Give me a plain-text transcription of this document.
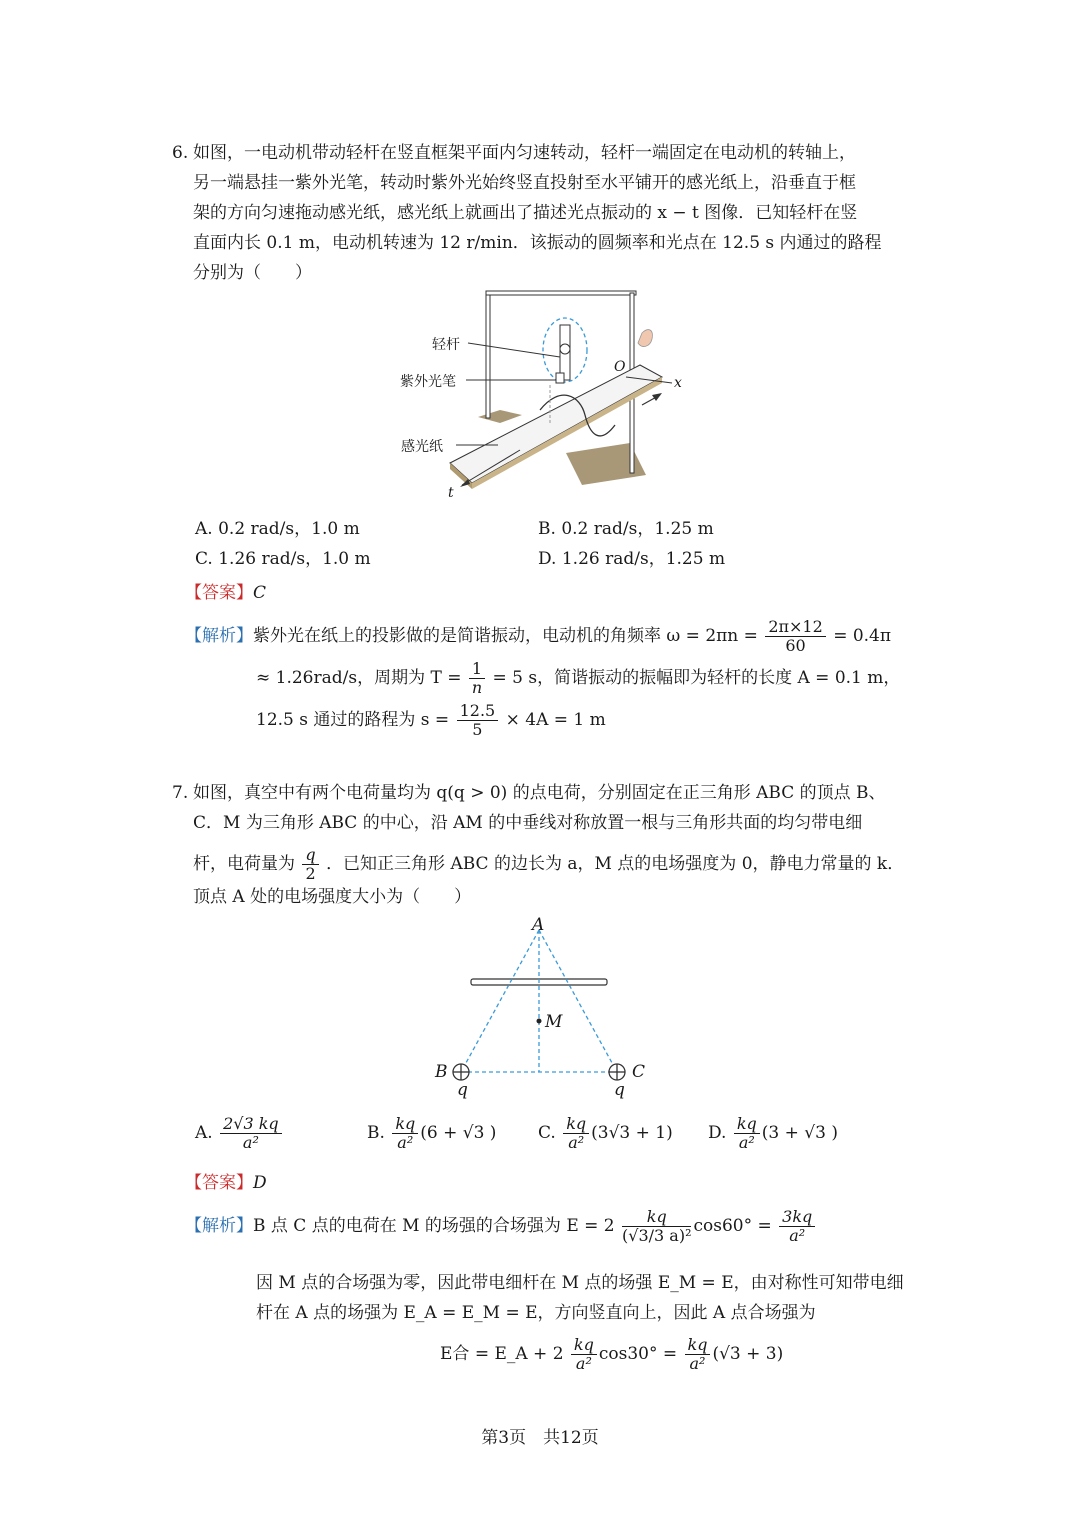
6. 如图，一电动机带动轻杆在竖直框架平面内匀速转动，轻杆一端固定在电动机的转轴上，
另一端悬挂一紫外光笔，转动时紫外光始终竖直投射至水平铺开的感光纸上，沿垂直于框
架的方向匀速拖动感光纸，感光纸上就画出了描述光点振动的 x − t 图像．已知轻杆在竖
直面内长 0.1 m，电动机转速为 12 r/min．该振动的圆频率和光点在 12.5 s 内通过的路程
分别为（　　）
轻杆
紫外光笔
感光纸
O
x
t
A. 0.2 rad/s，1.0 m	B. 0.2 rad/s，1.25 m
C. 1.26 rad/s，1.0 m	D. 1.26 rad/s，1.25 m
【答案】C
【解析】紫外光在纸上的投影做的是简谐振动，电动机的角频率 $\omega = 2\pi n = \frac{2\pi\times 12}{60} = 0.4\pi$
≈ 1.26rad/s，周期为 $T = \frac{1}{n} = 5$ s，简谐振动的振幅即为轻杆的长度 A = 0.1 m，
12.5 s 通过的路程为 $s = \frac{12.5}{5} \times 4A = 1$ m
7. 如图，真空中有两个电荷量均为 q(q > 0) 的点电荷，分别固定在正三角形 ABC 的顶点 B、
C．M 为三角形 ABC 的中心，沿 AM 的中垂线对称放置一根与三角形共面的均匀带电细
杆，电荷量为 $\frac{q}{2}$ ．已知正三角形 ABC 的边长为 a，M 点的电场强度为 0，静电力常量的 k．
顶点 A 处的电场强度大小为（　　）
A
M
B	C
q	q
A. $\frac{2√3 kq}{\text{a²}}$	B. $\frac{kq}{\text{a²}} (6 + √3$ ) C. $\frac{kq}{\text{a²}} (3√3 + 1)$ D. $\frac{kq}{\text{a²}} (3 + √3$ )
【答案】D
【解析】B 点 C 点的电荷在 M 的场强的合场强为 $E = 2 \frac{kq}{\text{(√3/3 a)²}} \cos 60^\circ = \frac{3kq}{\text{a²}}$
因 M 点的合场强为零，因此带电细杆在 M 点的场强 E_M = E，由对称性可知带电细
杆在 A 点的场强为 E_A = E_M = E，方向竖直向上，因此 A 点合场强为
E合 = E_A + $2 \frac{kq}{\text{a²}} \cos 30^\circ = \frac{kq}{\text{a²}} (√3 + 3)$
第3页　共12页
